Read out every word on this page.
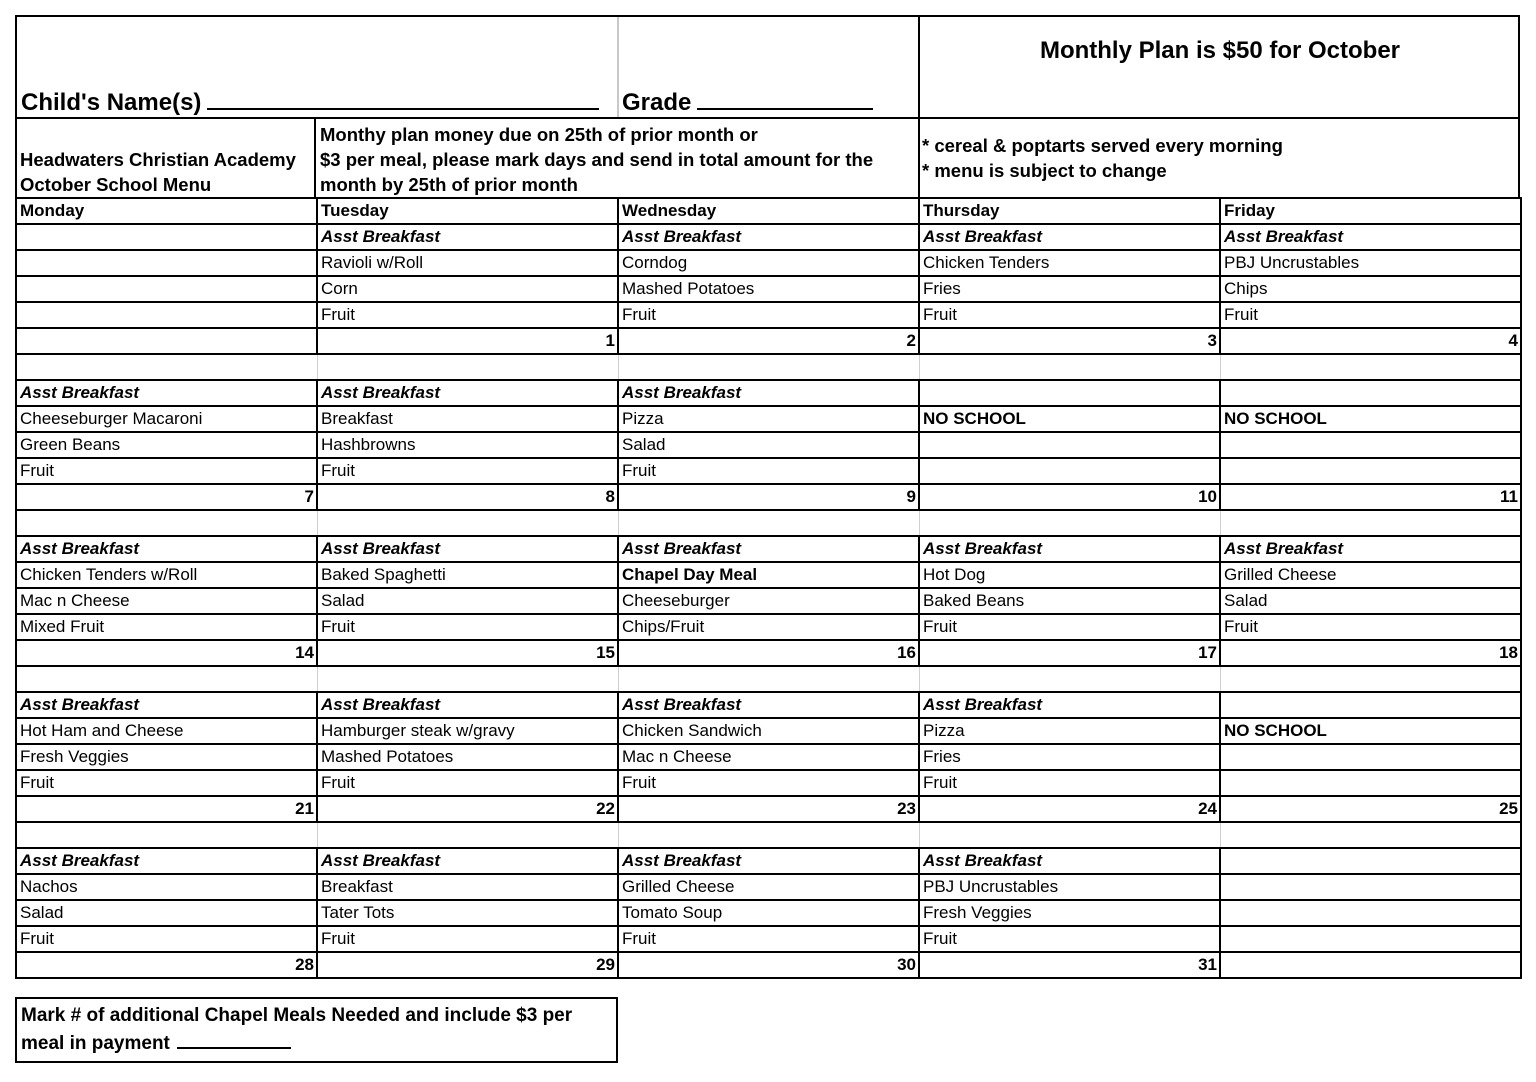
Child's Name(s)	Grade
Monthly Plan is $50 for October
Headwaters Christian Academy
October School Menu
Monthy plan money due on 25th of prior month or
$3 per meal, please mark days and send in total amount for the
month by 25th of prior month
* cereal & poptarts served every morning
* menu is subject to change
Monday	Tuesday	Wednesday	Thursday	Friday
	Asst Breakfast	Asst Breakfast	Asst Breakfast	Asst Breakfast
	Ravioli w/Roll	Corndog	Chicken Tenders	PBJ Uncrustables
	Corn	Mashed Potatoes	Fries	Chips
	Fruit	Fruit	Fruit	Fruit
	1	2	3	4

Asst Breakfast	Asst Breakfast	Asst Breakfast		
Cheeseburger Macaroni	Breakfast	Pizza	NO SCHOOL	NO SCHOOL
Green Beans	Hashbrowns	Salad		
Fruit	Fruit	Fruit		
7	8	9	10	11

Asst Breakfast	Asst Breakfast	Asst Breakfast	Asst Breakfast	Asst Breakfast
Chicken Tenders w/Roll	Baked Spaghetti	Chapel Day Meal	Hot Dog	Grilled Cheese
Mac n Cheese	Salad	Cheeseburger	Baked Beans	Salad
Mixed Fruit	Fruit	Chips/Fruit	Fruit	Fruit
14	15	16	17	18

Asst Breakfast	Asst Breakfast	Asst Breakfast	Asst Breakfast	
Hot Ham and Cheese	Hamburger steak w/gravy	Chicken Sandwich	Pizza	NO SCHOOL
Fresh Veggies	Mashed Potatoes	Mac n Cheese	Fries	
Fruit	Fruit	Fruit	Fruit	
21	22	23	24	25

Asst Breakfast	Asst Breakfast	Asst Breakfast	Asst Breakfast	
Nachos	Breakfast	Grilled Cheese	PBJ Uncrustables	
Salad	Tater Tots	Tomato Soup	Fresh Veggies	
Fruit	Fruit	Fruit	Fruit	
28	29	30	31	
Mark # of additional Chapel Meals Needed and include $3 per
meal in payment
